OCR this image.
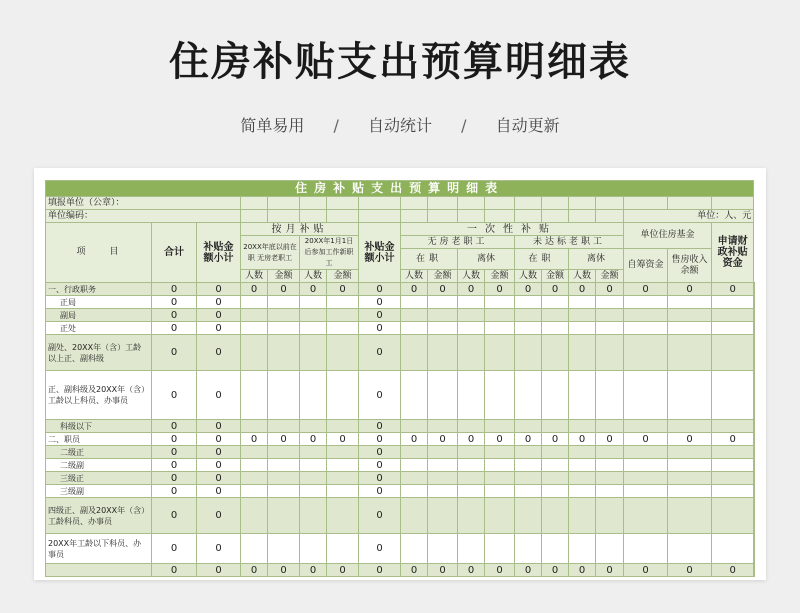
住房补贴支出预算明细表
简单易用 / 自动统计 / 自动更新
住房补贴支出预算明细表																			
填报单位（公章）：																			
单位编码：																单位：人、元			
项　　目	合计	补贴金额小计	按月补贴				补贴金额小计	一次性补贴								单位住房基金		申请财政补贴资金	
			20XX年底以前在职 无房老职工		20XX年1月1日后参加工作新职工			无房老职工				未达标老职工							
								在职		离休		在职		离休		自筹资金	售房收入余额		
			人数	金额	人数	金额		人数	金额	人数	金额	人数	金额	人数	金额				
一、行政职务	0	0	0	0	0	0	0	0	0	0	0	0	0	0	0	0	0	0	
正局	0	0					0												
副局	0	0					0												
正处	0	0					0												
副处、20XX年（含）工龄以上正、副科级	0	0					0												
正、副科级及20XX年（含）工龄以上科员、办事员	0	0					0												
科级以下	0	0					0												
二、职员	0	0	0	0	0	0	0	0	0	0	0	0	0	0	0	0	0	0	
二级正	0	0					0												
二级副	0	0					0												
三级正	0	0					0												
三级副	0	0					0												
四级正、副及20XX年（含）工龄科员、办事员	0	0					0												
20XX年工龄以下科员、办事员	0	0					0												
	0	0	0	0	0	0	0	0	0	0	0	0	0	0	0	0	0	0	
